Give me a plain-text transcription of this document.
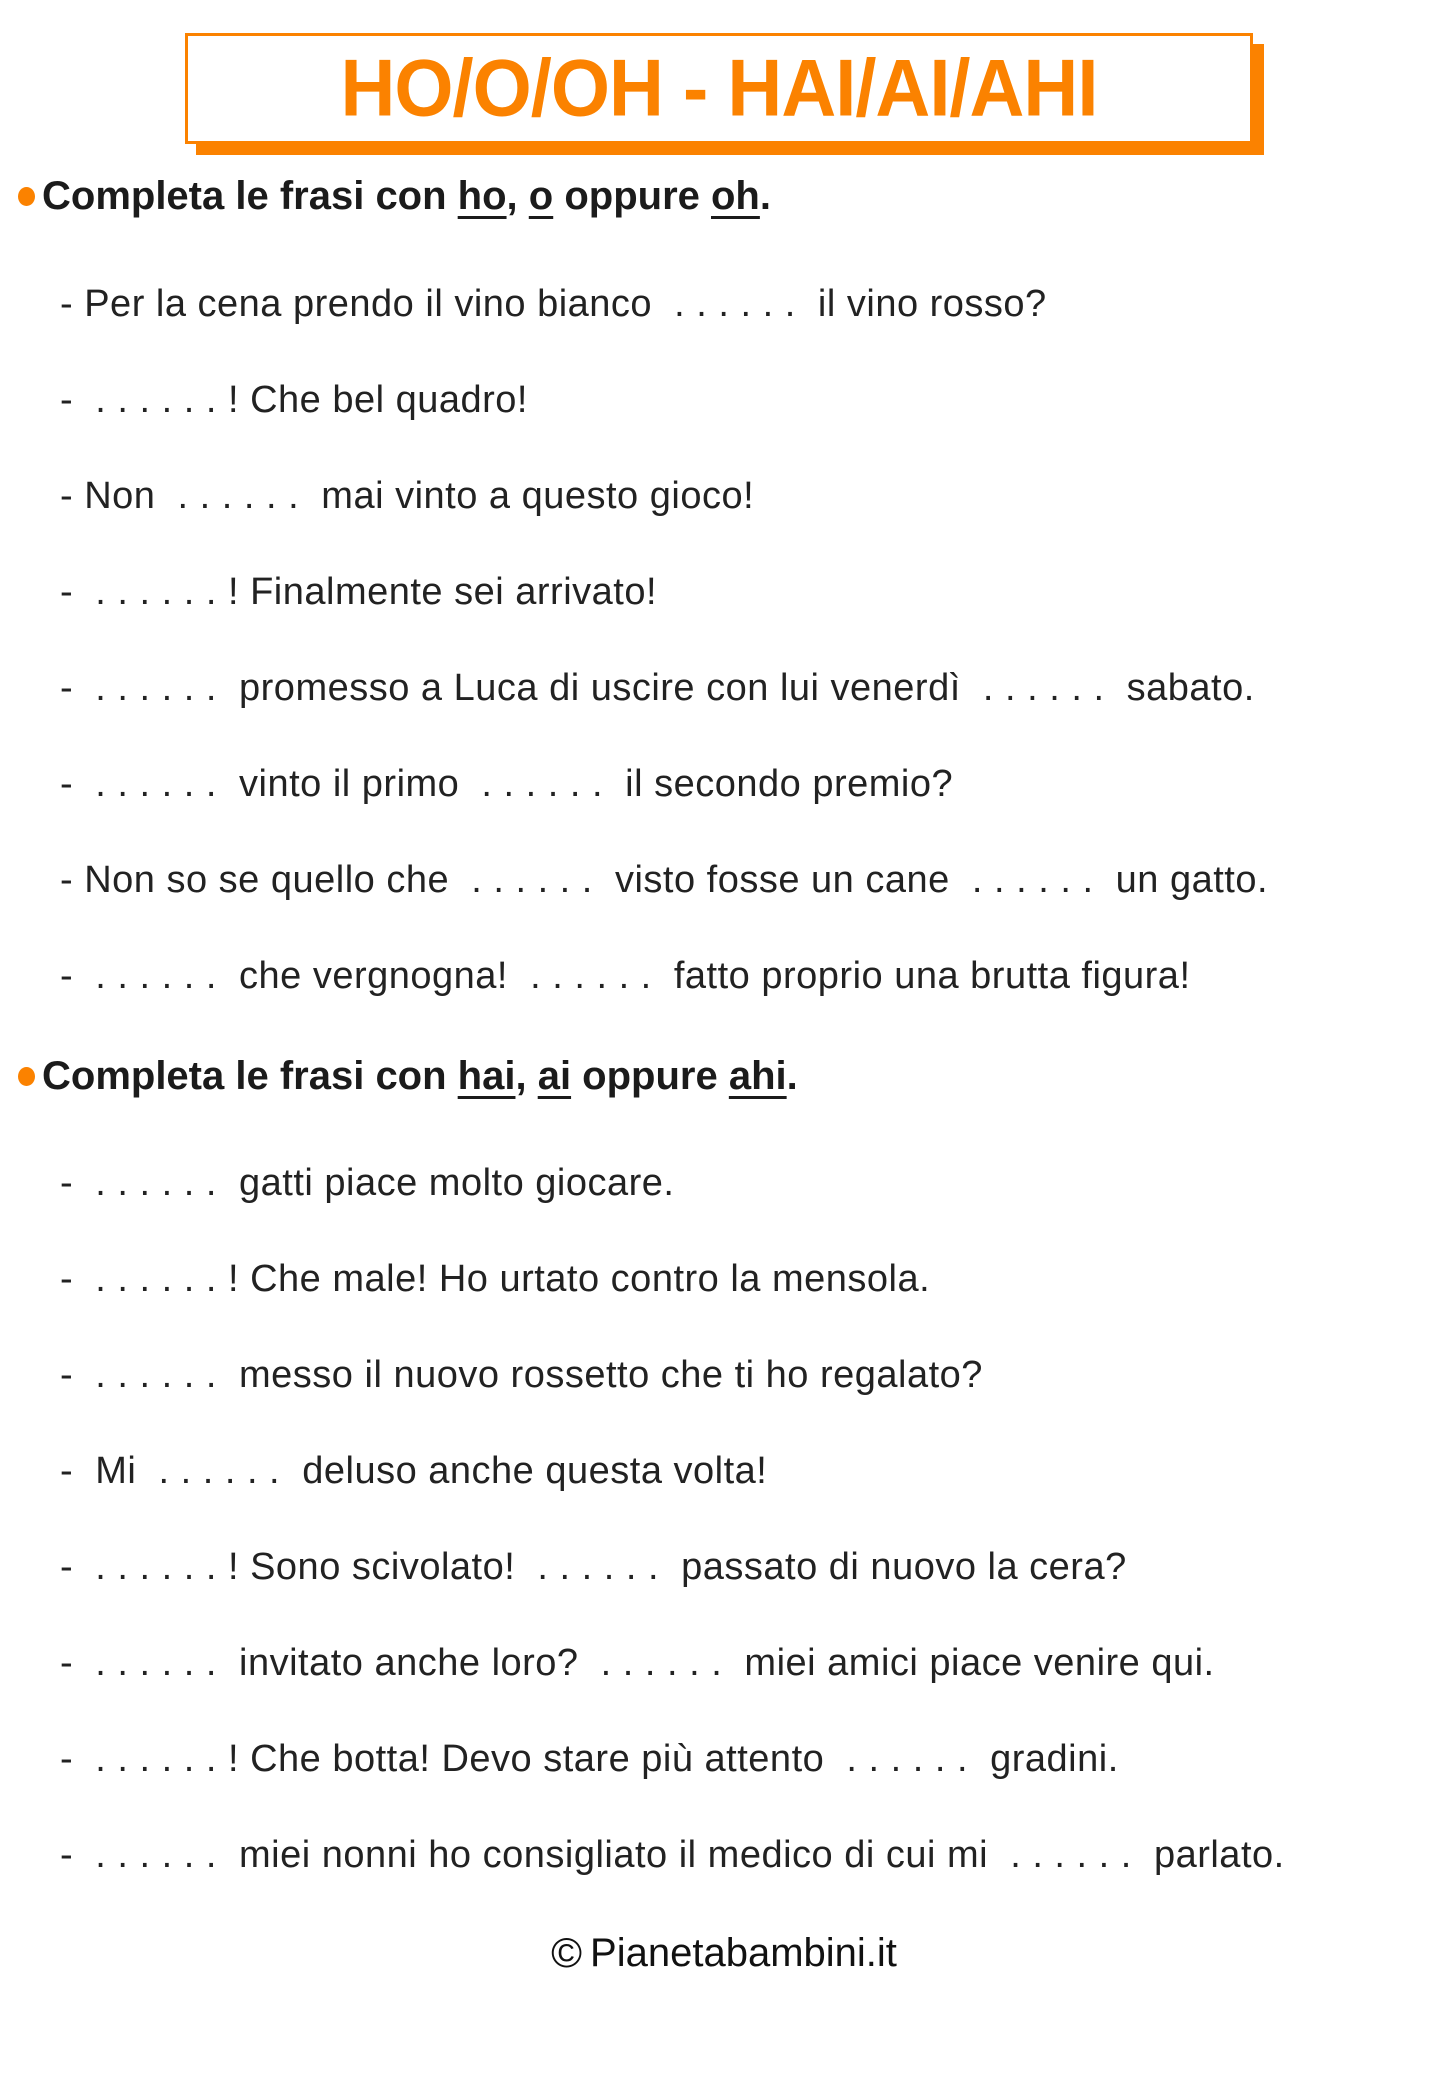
HO/O/OH - HAI/AI/AHI
Completa le frasi con ho, o oppure oh.
- Per la cena prendo il vino bianco  . . . . . .  il vino rosso?
-  . . . . . . ! Che bel quadro!
- Non  . . . . . .  mai vinto a questo gioco!
-  . . . . . . ! Finalmente sei arrivato!
-  . . . . . .  promesso a Luca di uscire con lui venerdì  . . . . . .  sabato.
-  . . . . . .  vinto il primo  . . . . . .  il secondo premio?
- Non so se quello che  . . . . . .  visto fosse un cane  . . . . . .  un gatto.
-  . . . . . .  che vergnogna!  . . . . . .  fatto proprio una brutta figura!
Completa le frasi con hai, ai oppure ahi.
-  . . . . . .  gatti piace molto giocare.
-  . . . . . . ! Che male! Ho urtato contro la mensola.
-  . . . . . .  messo il nuovo rossetto che ti ho regalato?
-  Mi  . . . . . .  deluso anche questa volta!
-  . . . . . . ! Sono scivolato!  . . . . . .  passato di nuovo la cera?
-  . . . . . .  invitato anche loro?  . . . . . .  miei amici piace venire qui.
-  . . . . . . ! Che botta! Devo stare più attento  . . . . . .  gradini.
-  . . . . . .  miei nonni ho consigliato il medico di cui mi  . . . . . .  parlato.
© Pianetabambini.it
